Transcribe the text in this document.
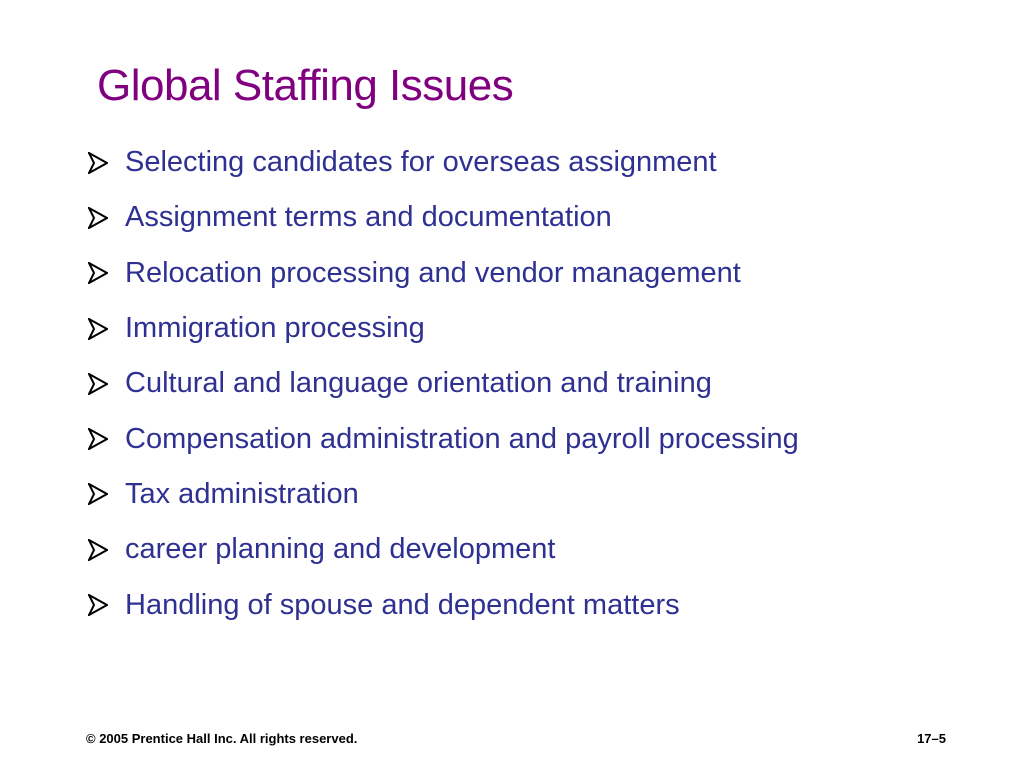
Global Staffing Issues
Selecting candidates for overseas assignment
Assignment terms and documentation
Relocation processing and vendor management
Immigration processing
Cultural and language orientation and training
Compensation administration and payroll processing
Tax administration
career planning and development
Handling of spouse and dependent matters
© 2005 Prentice Hall Inc. All rights reserved.	17–5
